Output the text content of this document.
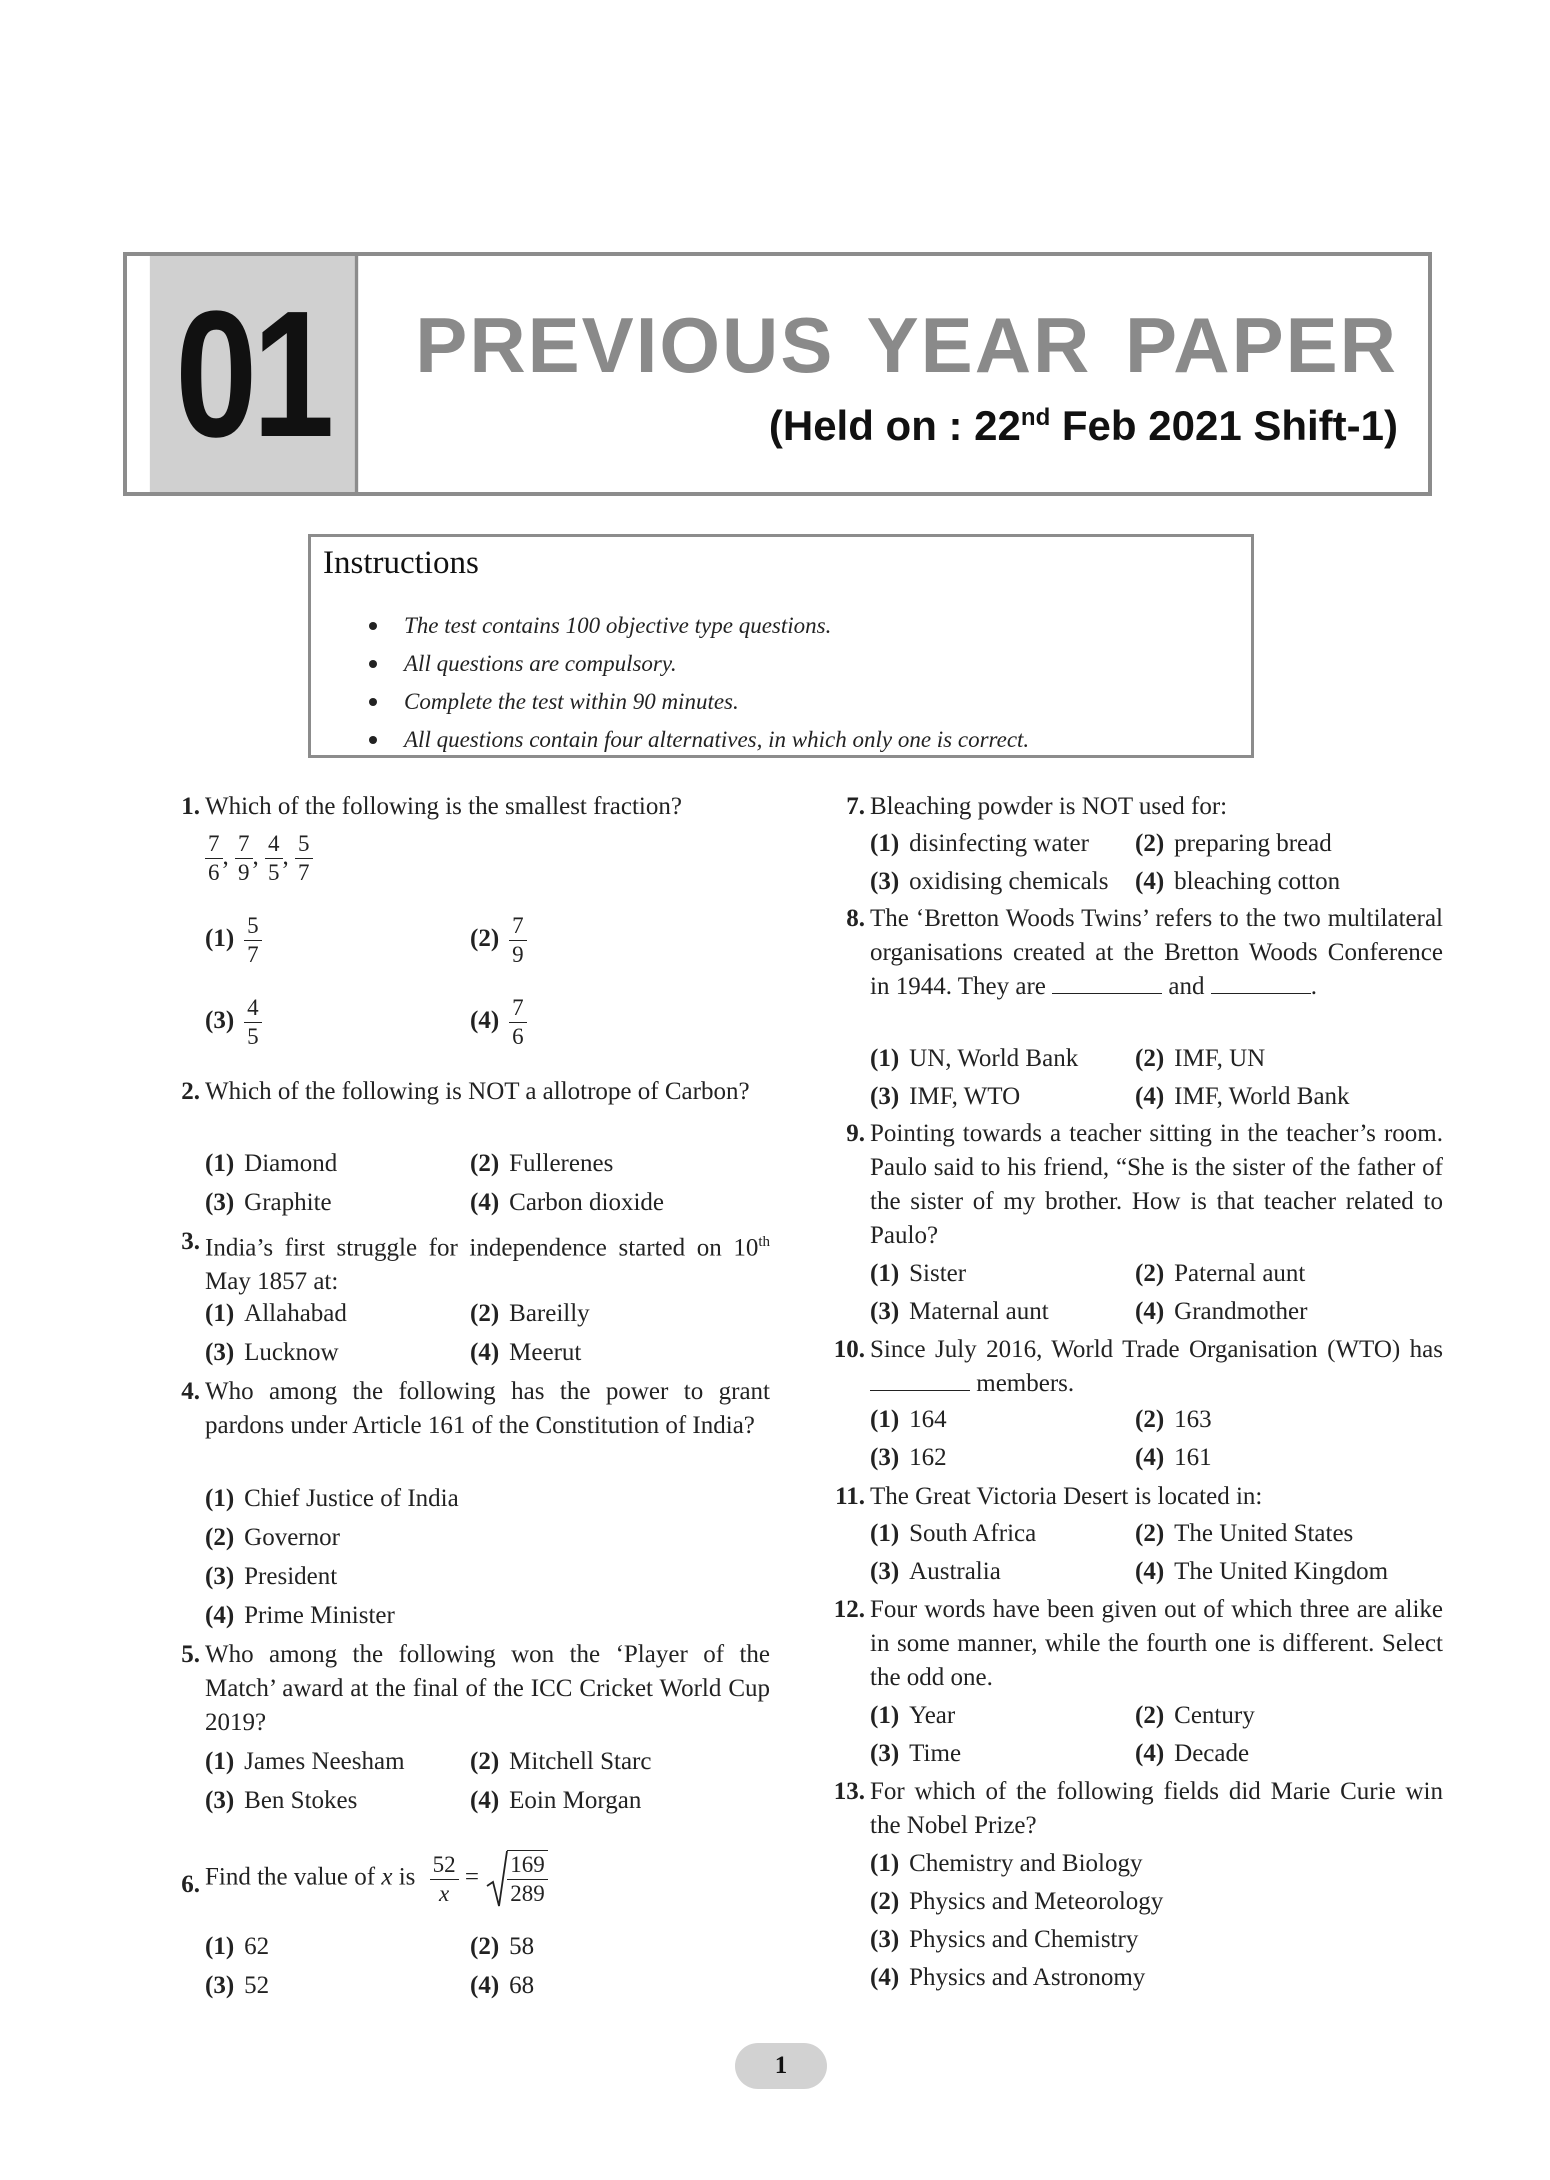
01	PREVIOUS YEAR PAPER
(Held on : 22nd Feb 2021 Shift-1)
Instructions
The test contains 100 objective type questions.
All questions are compulsory.
Complete the test within 90 minutes.
All questions contain four alternatives, in which only one is correct.
1. Which of the following is the smallest fraction?
$\frac{7}{6}$ , $\frac{7}{9}$ , $\frac{4}{5}$ , $\frac{5}{7}$
$(1) \frac{5}{7}$	$(2) \frac{7}{9}$
$(3) \frac{4}{5}$	$(4) \frac{7}{6}$
2. Which of the following is NOT a allotrope of Carbon?
(1) Diamond	(2) Fullerenes
(3) Graphite	(4) Carbon dioxide
3. India’s first struggle for independence started on 10th May 1857 at:
(1) Allahabad	(2) Bareilly
(3) Lucknow	(4) Meerut
4. Who among the following has the power to grant pardons under Article 161 of the Constitution of India?
(1) Chief Justice of India
(2) Governor
(3) President
(4) Prime Minister
5. Who among the following won the ‘Player of the Match’ award at the final of the ICC Cricket World Cup 2019?
(1) James Neesham	(2) Mitchell Starc
(3) Ben Stokes	(4) Eoin Morgan
6. Find the value of x is $\frac{52}{x} = \frac{169}{289}$
(1) 62	(2) 58
(3) 52	(4) 68
7. Bleaching powder is NOT used for:
(1) disinfecting water (2) preparing bread
(3) oxidising chemicals (4) bleaching cotton
8. The ‘Bretton Woods Twins’ refers to the two multilateral organisations created at the Bretton Woods Conference in 1944. They are	and	.
(1) UN, World Bank (2) IMF, UN
(3) IMF, WTO	(4) IMF, World Bank
9. Pointing towards a teacher sitting in the teacher’s room. Paulo said to his friend, “She is the sister of the father of the sister of my brother. How is that teacher related to Paulo?
(1) Sister	(2) Paternal aunt
(3) Maternal aunt	(4) Grandmother
10. Since July 2016, World Trade Organisation (WTO) has  members.
(1) 164	(2) 163
(3) 162	(4) 161
11. The Great Victoria Desert is located in:
(1) South Africa	(2) The United States
(3) Australia	(4) The United Kingdom
12. Four words have been given out of which three are alike in some manner, while the fourth one is different. Select the odd one.
(1) Year	(2) Century
(3) Time	(4) Decade
13. For which of the following fields did Marie Curie win the Nobel Prize?
(1) Chemistry and Biology
(2) Physics and Meteorology
(3) Physics and Chemistry
(4) Physics and Astronomy
1
